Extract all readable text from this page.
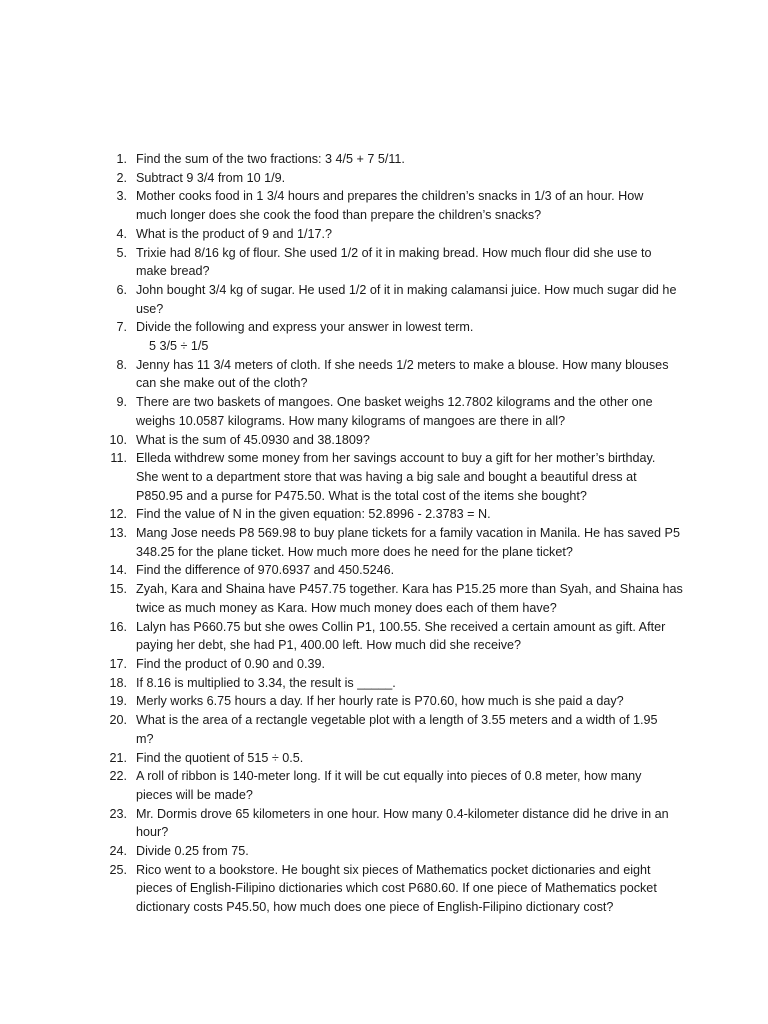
1. Find the sum of the two fractions: 3 4/5 + 7 5/11.
2. Subtract 9 3/4 from 10 1/9.
3. Mother cooks food in 1 3/4 hours and prepares the children’s snacks in 1/3 of an hour. How
much longer does she cook the food than prepare the children’s snacks?
4. What is the product of 9 and 1/17.?
5. Trixie had 8/16 kg of flour. She used 1/2 of it in making bread. How much flour did she use to
make bread?
6. John bought 3/4 kg of sugar. He used 1/2 of it in making calamansi juice. How much sugar did he
use?
7. Divide the following and express your answer in lowest term.
5 3/5 ÷ 1/5
8. Jenny has 11 3/4 meters of cloth. If she needs 1/2 meters to make a blouse. How many blouses
can she make out of the cloth?
9. There are two baskets of mangoes. One basket weighs 12.7802 kilograms and the other one
weighs 10.0587 kilograms. How many kilograms of mangoes are there in all?
10. What is the sum of 45.0930 and 38.1809?
11. Elleda withdrew some money from her savings account to buy a gift for her mother’s birthday.
She went to a department store that was having a big sale and bought a beautiful dress at
P850.95 and a purse for P475.50. What is the total cost of the items she bought?
12. Find the value of N in the given equation: 52.8996 - 2.3783 = N.
13. Mang Jose needs P8 569.98 to buy plane tickets for a family vacation in Manila. He has saved P5
348.25 for the plane ticket. How much more does he need for the plane ticket?
14. Find the difference of 970.6937 and 450.5246.
15. Zyah, Kara and Shaina have P457.75 together. Kara has P15.25 more than Syah, and Shaina has
twice as much money as Kara. How much money does each of them have?
16. Lalyn has P660.75 but she owes Collin P1, 100.55. She received a certain amount as gift. After
paying her debt, she had P1, 400.00 left. How much did she receive?
17. Find the product of 0.90 and 0.39.
18. If 8.16 is multiplied to 3.34, the result is _____.
19. Merly works 6.75 hours a day. If her hourly rate is P70.60, how much is she paid a day?
20. What is the area of a rectangle vegetable plot with a length of 3.55 meters and a width of 1.95
m?
21. Find the quotient of 515 ÷ 0.5.
22. A roll of ribbon is 140-meter long. If it will be cut equally into pieces of 0.8 meter, how many
pieces will be made?
23. Mr. Dormis drove 65 kilometers in one hour. How many 0.4-kilometer distance did he drive in an
hour?
24. Divide 0.25 from 75.
25. Rico went to a bookstore. He bought six pieces of Mathematics pocket dictionaries and eight
pieces of English-Filipino dictionaries which cost P680.60. If one piece of Mathematics pocket
dictionary costs P45.50, how much does one piece of English-Filipino dictionary cost?
